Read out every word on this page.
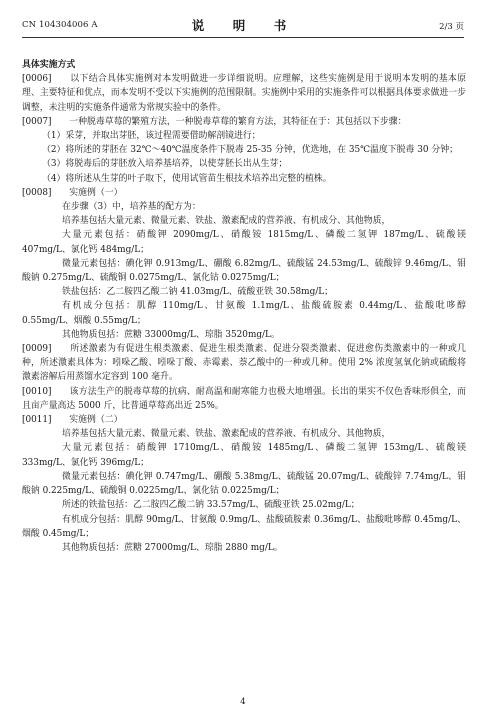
CN 104304006 A	说　明　书	2/3 页

具体实施方式

[0006]　　以下结合具体实施例对本发明做进一步详细说明。应理解，这些实施例是用于说明本发明的基本原理、主要特征和优点，而本发明不受以下实施例的范围限制。实施例中采用的实施条件可以根据具体要求做进一步调整，未注明的实施条件通常为常规实验中的条件。

[0007]　　一种脱毒草莓的繁殖方法，一种脱毒草莓的繁育方法，其特征在于：其包括以下步骤：

（1）采芽，并取出芽胚，该过程需要借助解剖镜进行；

（2）将所述的芽胚在 32℃～40℃温度条件下脱毒 25-35 分钟，优选地，在 35℃温度下脱毒 30 分钟；

（3）将脱毒后的芽胚放入培养基培养，以使芽胚长出从生芽；

（4）将所述从生芽的叶子取下，使用试管苗生根技术培养出完整的植株。

[0008]　　实施例（一）

在步骤（3）中，培养基的配方为：

培养基包括大量元素、微量元素、铁盐、激素配成的营养液、有机成分、其他物质，

大量元素包括：硝酸钾 2090mg/L、硝酸铵 1815mg/L、磷酸二氢钾 187mg/L、硫酸镁 407mg/L、氯化钙 484mg/L；

微量元素包括：碘化钾 0.913mg/L、硼酸 6.82mg/L、硫酸锰 24.53mg/L、硫酸锌 9.46mg/L、钼酸钠 0.275mg/L、硫酸铜 0.0275mg/L、氯化钴 0.0275mg/L；

铁盐包括：乙二胺四乙酸二钠 41.03mg/L、硫酸亚铁 30.58mg/L；

有机成分包括：肌醇 110mg/L、甘氨酸 1.1mg/L、盐酸硫胺素 0.44mg/L、盐酸吡哆醇 0.55mg/L、烟酸 0.55mg/L；

其他物质包括：蔗糖 33000mg/L、琼脂 3520mg/L。

[0009]　　所述激素为有促进生根类激素、促进生根类激素、促进分裂类激素、促进愈伤类激素中的一种或几种，所述激素具体为：吲哚乙酸、吲哚丁酸、赤霉素、萘乙酸中的一种或几种。使用 2% 浓度氢氧化钠或硫酸将激素溶解后用蒸馏水定容到 100 毫升。

[0010]　　该方法生产的脱毒草莓的抗病、耐高温和耐寒能力也极大地增强。长出的果实不仅色香味形俱全，而且亩产量高达 5000 斤，比普通草莓高出近 25%。

[0011]　　实施例（二）

培养基包括大量元素、微量元素、铁盐、激素配成的营养液、有机成分、其他物质，

大量元素包括：硝酸钾 1710mg/L、硝酸铵 1485mg/L、磷酸二氢钾 153mg/L、硫酸镁 333mg/L、氯化钙 396mg/L；

微量元素包括：碘化钾 0.747mg/L、硼酸 5.38mg/L、硫酸锰 20.07mg/L、硫酸锌 7.74mg/L、钼酸钠 0.225mg/L、硫酸铜 0.0225mg/L、氯化钴 0.0225mg/L；

所述的铁盐包括：乙二胺四乙酸二钠 33.57mg/L、硫酸亚铁 25.02mg/L；

有机成分包括：肌醇 90mg/L、甘氨酸 0.9mg/L、盐酸硫胺素 0.36mg/L、盐酸吡哆醇 0.45mg/L、烟酸 0.45mg/L；

其他物质包括：蔗糖 27000mg/L、琼脂 2880 mg/L。

4
